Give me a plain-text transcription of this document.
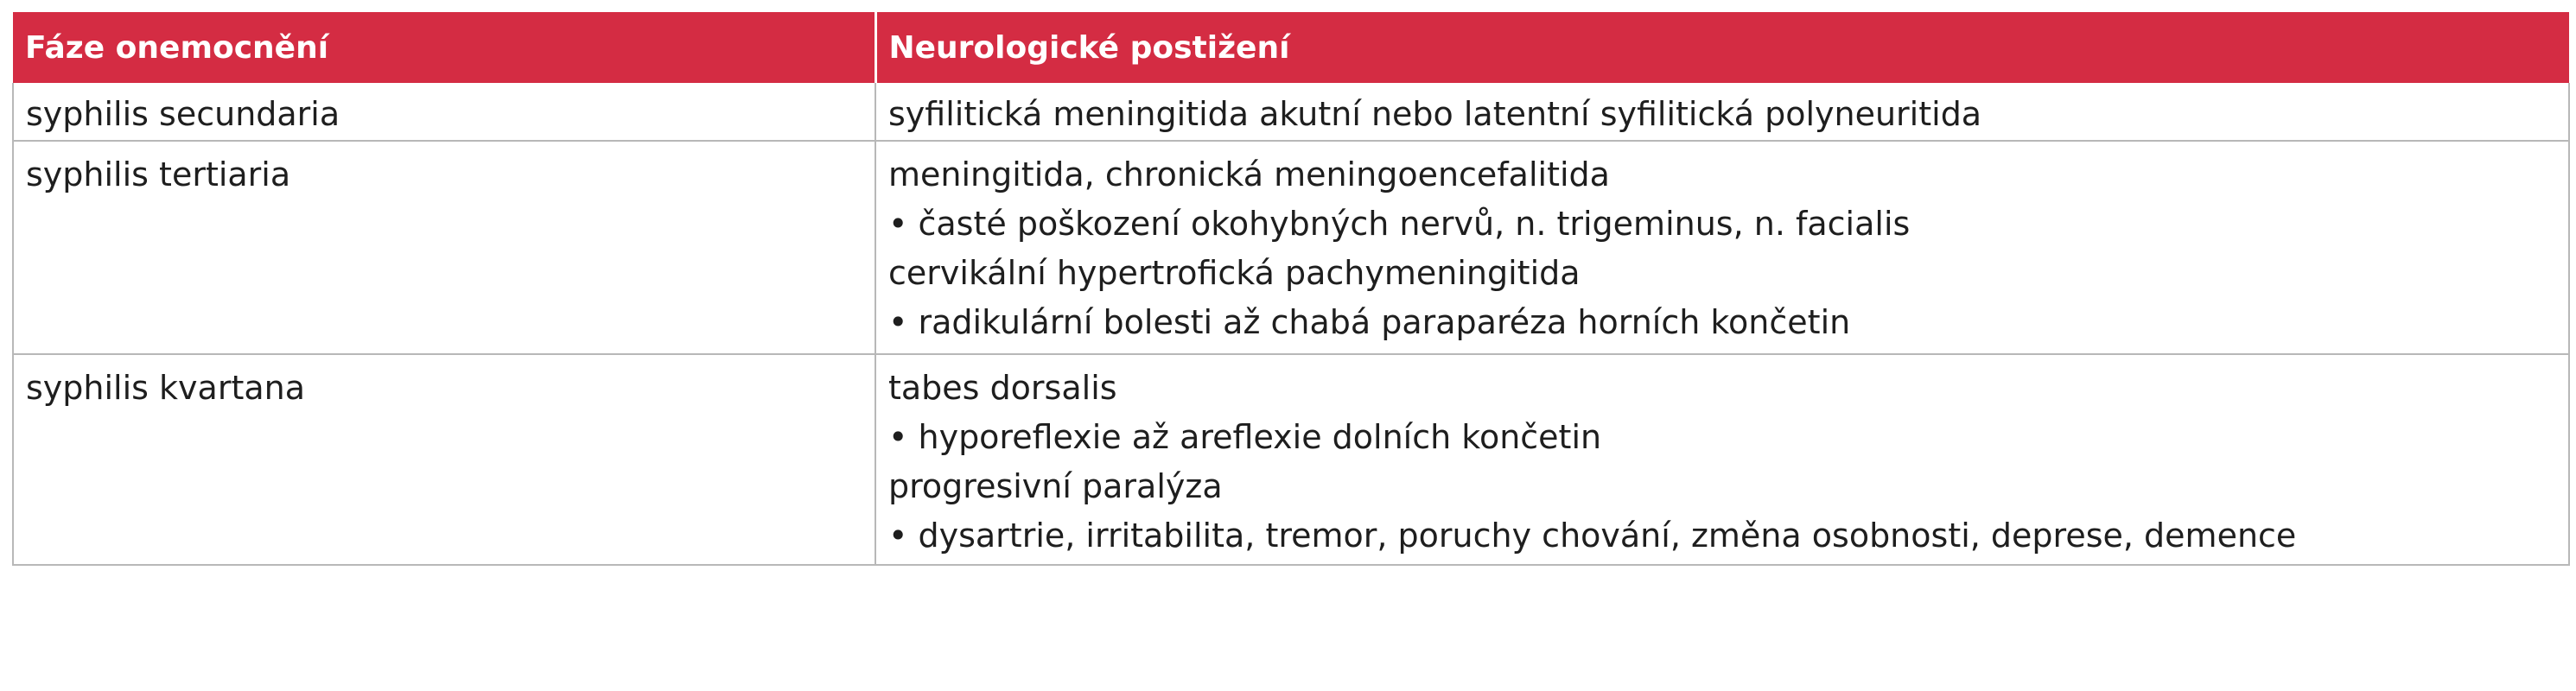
Fáze onemocnění	Neurologické postižení
syphilis secundaria	syfilitická meningitida akutní nebo latentní syfilitická polyneuritida

syphilis tertiaria	meningitida, chronická meningoencefalitida
• časté poškození okohybných nervů, n. trigeminus, n. facialis
cervikální hypertrofická pachymeningitida
• radikulární bolesti až chabá paraparéza horních končetin

syphilis kvartana	tabes dorsalis
• hyporeflexie až areflexie dolních končetin
progresivní paralýza
• dysartrie, irritabilita, tremor, poruchy chování, změna osobnosti, deprese, demence
